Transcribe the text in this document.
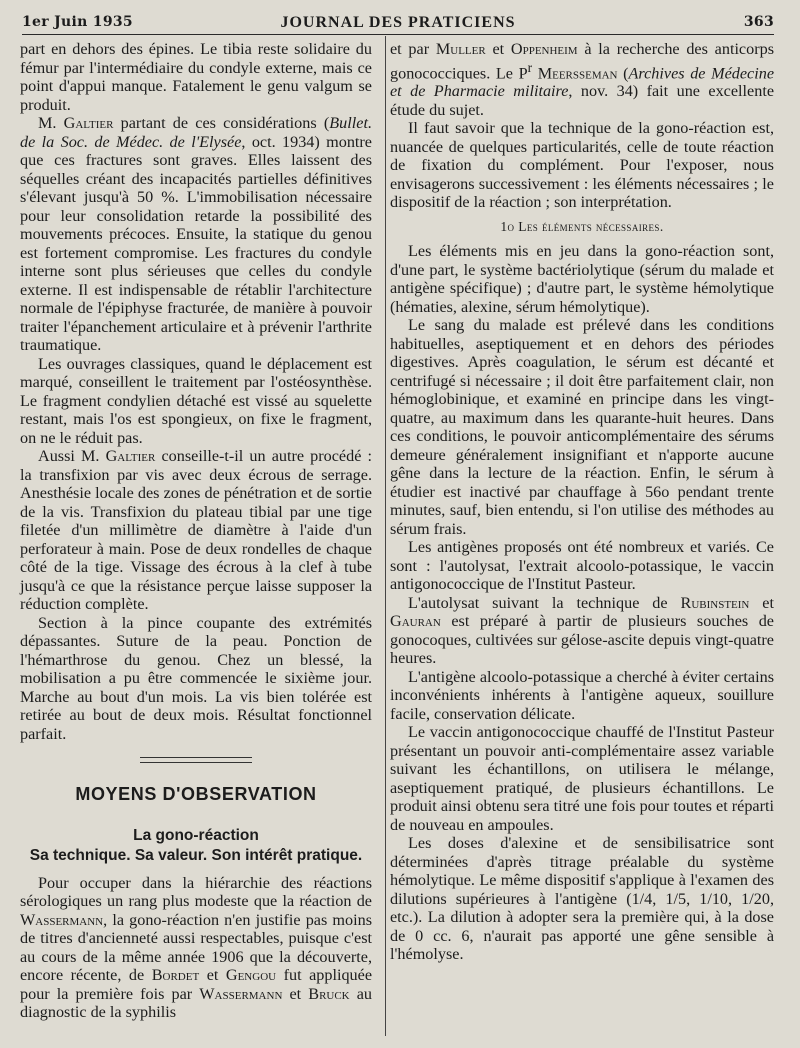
1er Juin 1935	JOURNAL DES PRATICIENS	363

part en dehors des épines. Le tibia reste solidaire du fémur par l'intermédiaire du condyle externe, mais ce point d'appui manque. Fatalement le genu valgum se produit.

M. Galtier partant de ces considérations (Bullet. de la Soc. de Médec. de l'Elysée, oct. 1934) montre que ces fractures sont graves. Elles laissent des séquelles créant des incapacités partielles définitives s'élevant jusqu'à 50 %. L'immobilisation nécessaire pour leur consolidation retarde la possibilité des mouvements précoces. Ensuite, la statique du genou est fortement compromise. Les fractures du condyle interne sont plus sérieuses que celles du condyle externe. Il est indispensable de rétablir l'architecture normale de l'épiphyse fracturée, de manière à pouvoir traiter l'épanchement articulaire et à prévenir l'arthrite traumatique.

Les ouvrages classiques, quand le déplacement est marqué, conseillent le traitement par l'ostéosynthèse. Le fragment condylien détaché est vissé au squelette restant, mais l'os est spongieux, on fixe le fragment, on ne le réduit pas.

Aussi M. Galtier conseille-t-il un autre procédé : la transfixion par vis avec deux écrous de serrage. Anesthésie locale des zones de pénétration et de sortie de la vis. Transfixion du plateau tibial par une tige filetée d'un millimètre de diamètre à l'aide d'un perforateur à main. Pose de deux rondelles de chaque côté de la tige. Vissage des écrous à la clef à tube jusqu'à ce que la résistance perçue laisse supposer la réduction complète.

Section à la pince coupante des extrémités dépassantes. Suture de la peau. Ponction de l'hémarthrose du genou. Chez un blessé, la mobilisation a pu être commencée le sixième jour. Marche au bout d'un mois. La vis bien tolérée est retirée au bout de deux mois. Résultat fonctionnel parfait.

MOYENS D'OBSERVATION
La gono-réaction
Sa technique. Sa valeur. Son intérêt pratique.

Pour occuper dans la hiérarchie des réactions sérologiques un rang plus modeste que la réaction de Wassermann, la gono-réaction n'en justifie pas moins de titres d'ancienneté aussi respectables, puisque c'est au cours de la même année 1906 que la découverte, encore récente, de Bordet et Gengou fut appliquée pour la première fois par Wassermann et Bruck au diagnostic de la syphilis

et par Muller et Oppenheim à la recherche des anticorps gonococciques. Le $P^r$ Meersseman (Archives de Médecine et de Pharmacie militaire, nov. 34) fait une excellente étude du sujet.

Il faut savoir que la technique de la gono-réaction est, nuancée de quelques particularités, celle de toute réaction de fixation du complément. Pour l'exposer, nous envisagerons successivement : les éléments nécessaires ; le dispositif de la réaction ; son interprétation.

1o Les éléments nécessaires.

Les éléments mis en jeu dans la gono-réaction sont, d'une part, le système bactériolytique (sérum du malade et antigène spécifique) ; d'autre part, le système hémolytique (hématies, alexine, sérum hémolytique).

Le sang du malade est prélevé dans les conditions habituelles, aseptiquement et en dehors des périodes digestives. Après coagulation, le sérum est décanté et centrifugé si nécessaire ; il doit être parfaitement clair, non hémoglobinique, et examiné en principe dans les vingt-quatre, au maximum dans les quarante-huit heures. Dans ces conditions, le pouvoir anticomplémentaire des sérums demeure généralement insignifiant et n'apporte aucune gêne dans la lecture de la réaction. Enfin, le sérum à étudier est inactivé par chauffage à 56o pendant trente minutes, sauf, bien entendu, si l'on utilise des méthodes au sérum frais.

Les antigènes proposés ont été nombreux et variés. Ce sont : l'autolysat, l'extrait alcoolo-potassique, le vaccin antigonococcique de l'Institut Pasteur.

L'autolysat suivant la technique de Rubinstein et Gauran est préparé à partir de plusieurs souches de gonocoques, cultivées sur gélose-ascite depuis vingt-quatre heures.

L'antigène alcoolo-potassique a cherché à éviter certains inconvénients inhérents à l'antigène aqueux, souillure facile, conservation délicate.

Le vaccin antigonococcique chauffé de l'Institut Pasteur présentant un pouvoir anti-complémentaire assez variable suivant les échantillons, on utilisera le mélange, aseptiquement pratiqué, de plusieurs échantillons. Le produit ainsi obtenu sera titré une fois pour toutes et réparti de nouveau en ampoules.

Les doses d'alexine et de sensibilisatrice sont déterminées d'après titrage préalable du système hémolytique. Le même dispositif s'applique à l'examen des dilutions supérieures à l'antigène (1/4, 1/5, 1/10, 1/20, etc.). La dilution à adopter sera la première qui, à la dose de 0 cc. 6, n'aurait pas apporté une gêne sensible à l'hémolyse.
